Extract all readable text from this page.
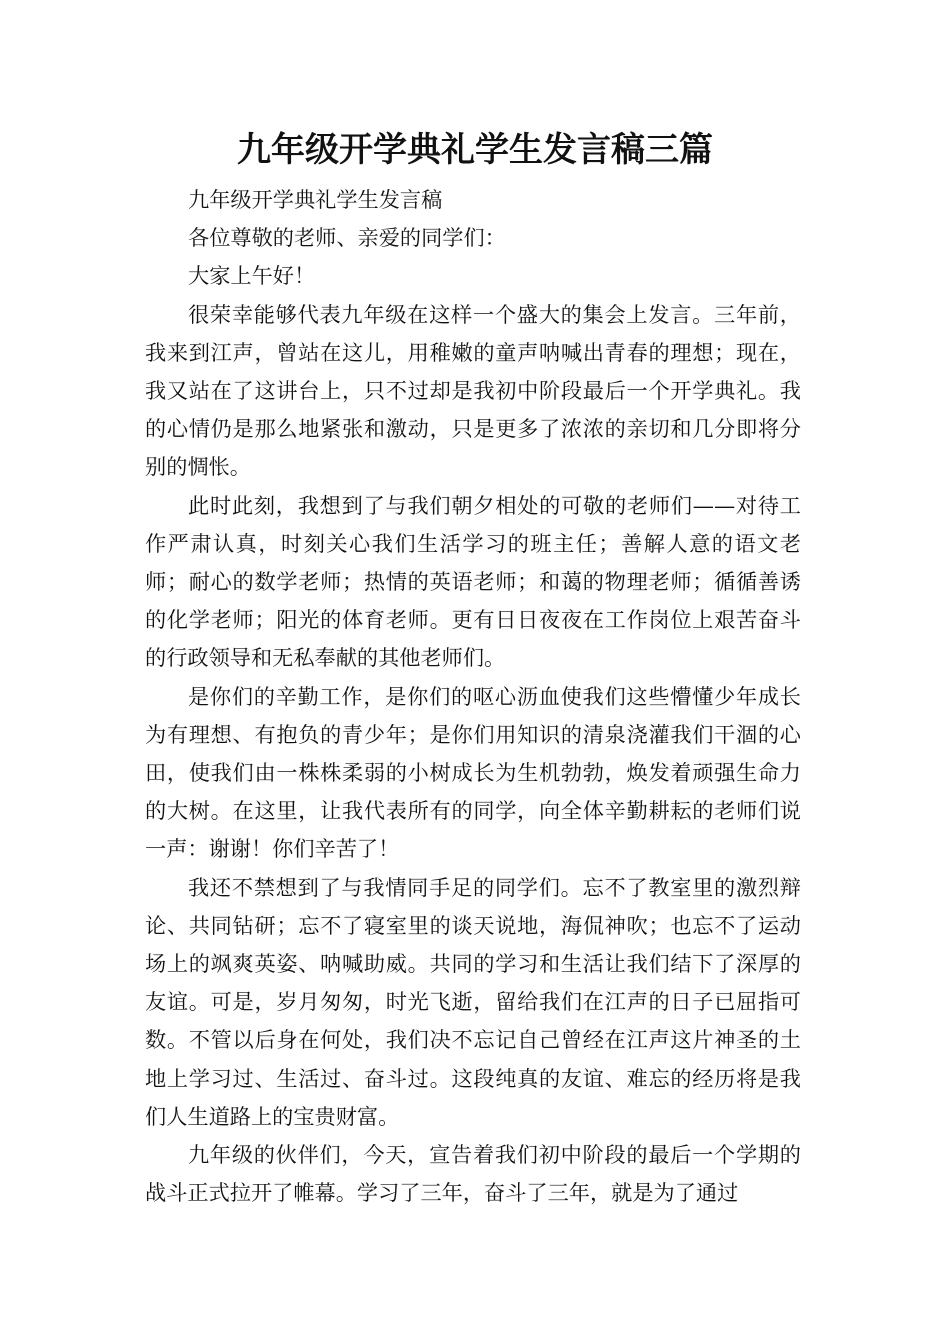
九年级开学典礼学生发言稿三篇

九年级开学典礼学生发言稿

各位尊敬的老师、亲爱的同学们：

大家上午好！

很荣幸能够代表九年级在这样一个盛大的集会上发言。三年前，我来到江声，曾站在这儿，用稚嫩的童声呐喊出青春的理想；现在，我又站在了这讲台上，只不过却是我初中阶段最后一个开学典礼。我的心情仍是那么地紧张和激动，只是更多了浓浓的亲切和几分即将分别的惆怅。

此时此刻，我想到了与我们朝夕相处的可敬的老师们——对待工作严肃认真，时刻关心我们生活学习的班主任；善解人意的语文老师；耐心的数学老师；热情的英语老师；和蔼的物理老师；循循善诱的化学老师；阳光的体育老师。更有日日夜夜在工作岗位上艰苦奋斗的行政领导和无私奉献的其他老师们。

是你们的辛勤工作，是你们的呕心沥血使我们这些懵懂少年成长为有理想、有抱负的青少年；是你们用知识的清泉浇灌我们干涸的心田，使我们由一株株柔弱的小树成长为生机勃勃，焕发着顽强生命力的大树。在这里，让我代表所有的同学，向全体辛勤耕耘的老师们说一声：谢谢！你们辛苦了！

我还不禁想到了与我情同手足的同学们。忘不了教室里的激烈辩论、共同钻研；忘不了寝室里的谈天说地，海侃神吹；也忘不了运动场上的飒爽英姿、呐喊助威。共同的学习和生活让我们结下了深厚的友谊。可是，岁月匆匆，时光飞逝，留给我们在江声的日子已屈指可数。不管以后身在何处，我们决不忘记自己曾经在江声这片神圣的土地上学习过、生活过、奋斗过。这段纯真的友谊、难忘的经历将是我们人生道路上的宝贵财富。

九年级的伙伴们，今天，宣告着我们初中阶段的最后一个学期的战斗正式拉开了帷幕。学习了三年，奋斗了三年，就是为了通过
